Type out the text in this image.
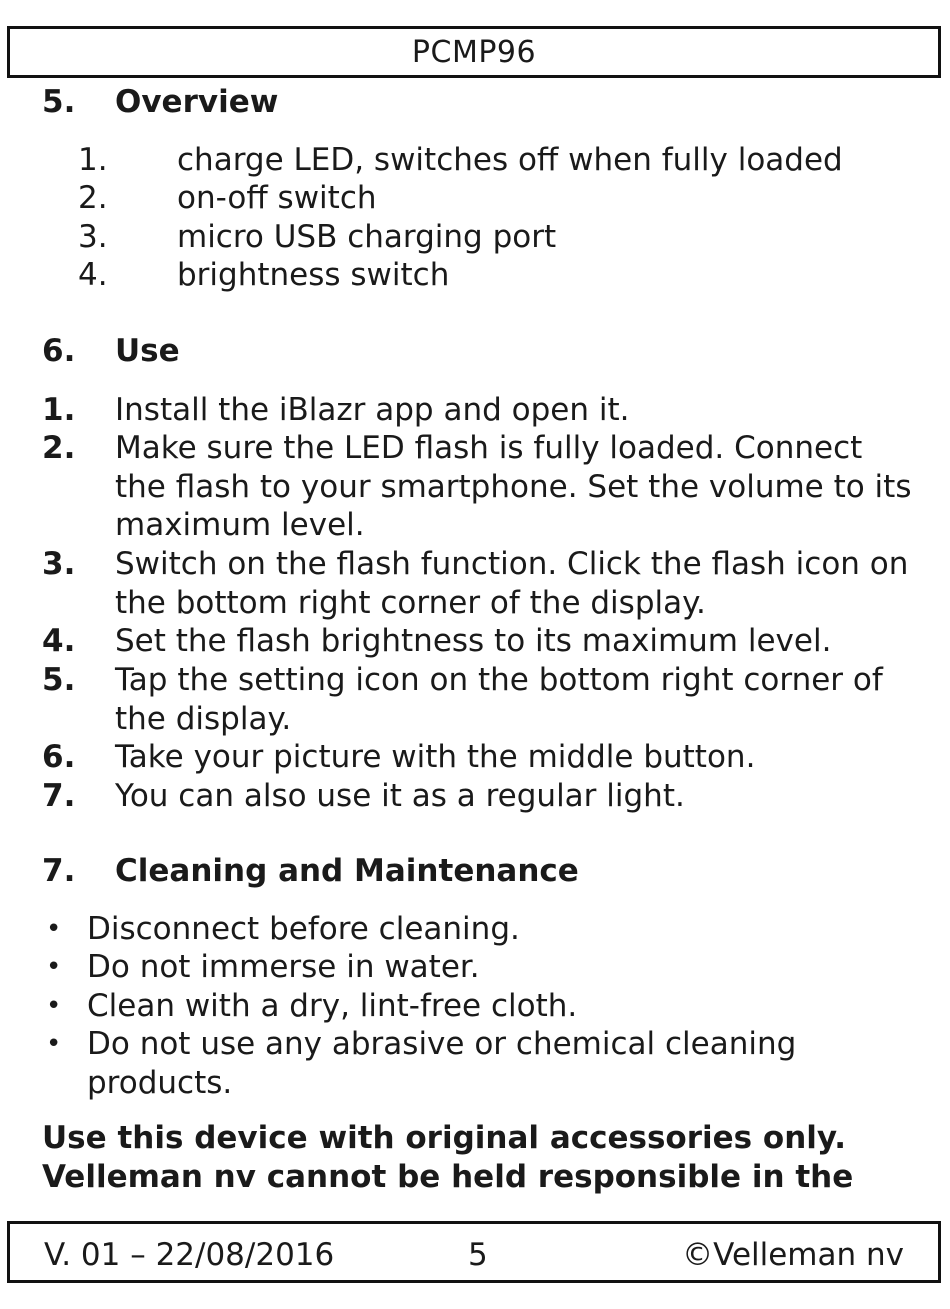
PCMP96
5.	Overview
1.	charge LED, switches off when fully loaded
2.	on-off switch
3.	micro USB charging port
4.	brightness switch
6.	Use
1.	Install the iBlazr app and open it.
2.	Make sure the LED flash is fully loaded. Connect the flash to your smartphone. Set the volume to its maximum level.
3.	Switch on the flash function. Click the flash icon on the bottom right corner of the display.
4.	Set the flash brightness to its maximum level.
5.	Tap the setting icon on the bottom right corner of the display.
6.	Take your picture with the middle button.
7.	You can also use it as a regular light.
7.	Cleaning and Maintenance
• Disconnect before cleaning.
• Do not immerse in water.
• Clean with a dry, lint-free cloth.
• Do not use any abrasive or chemical cleaning products.
Use this device with original accessories only. Velleman nv cannot be held responsible in the
V. 01 – 22/08/2016	5	©Velleman nv
